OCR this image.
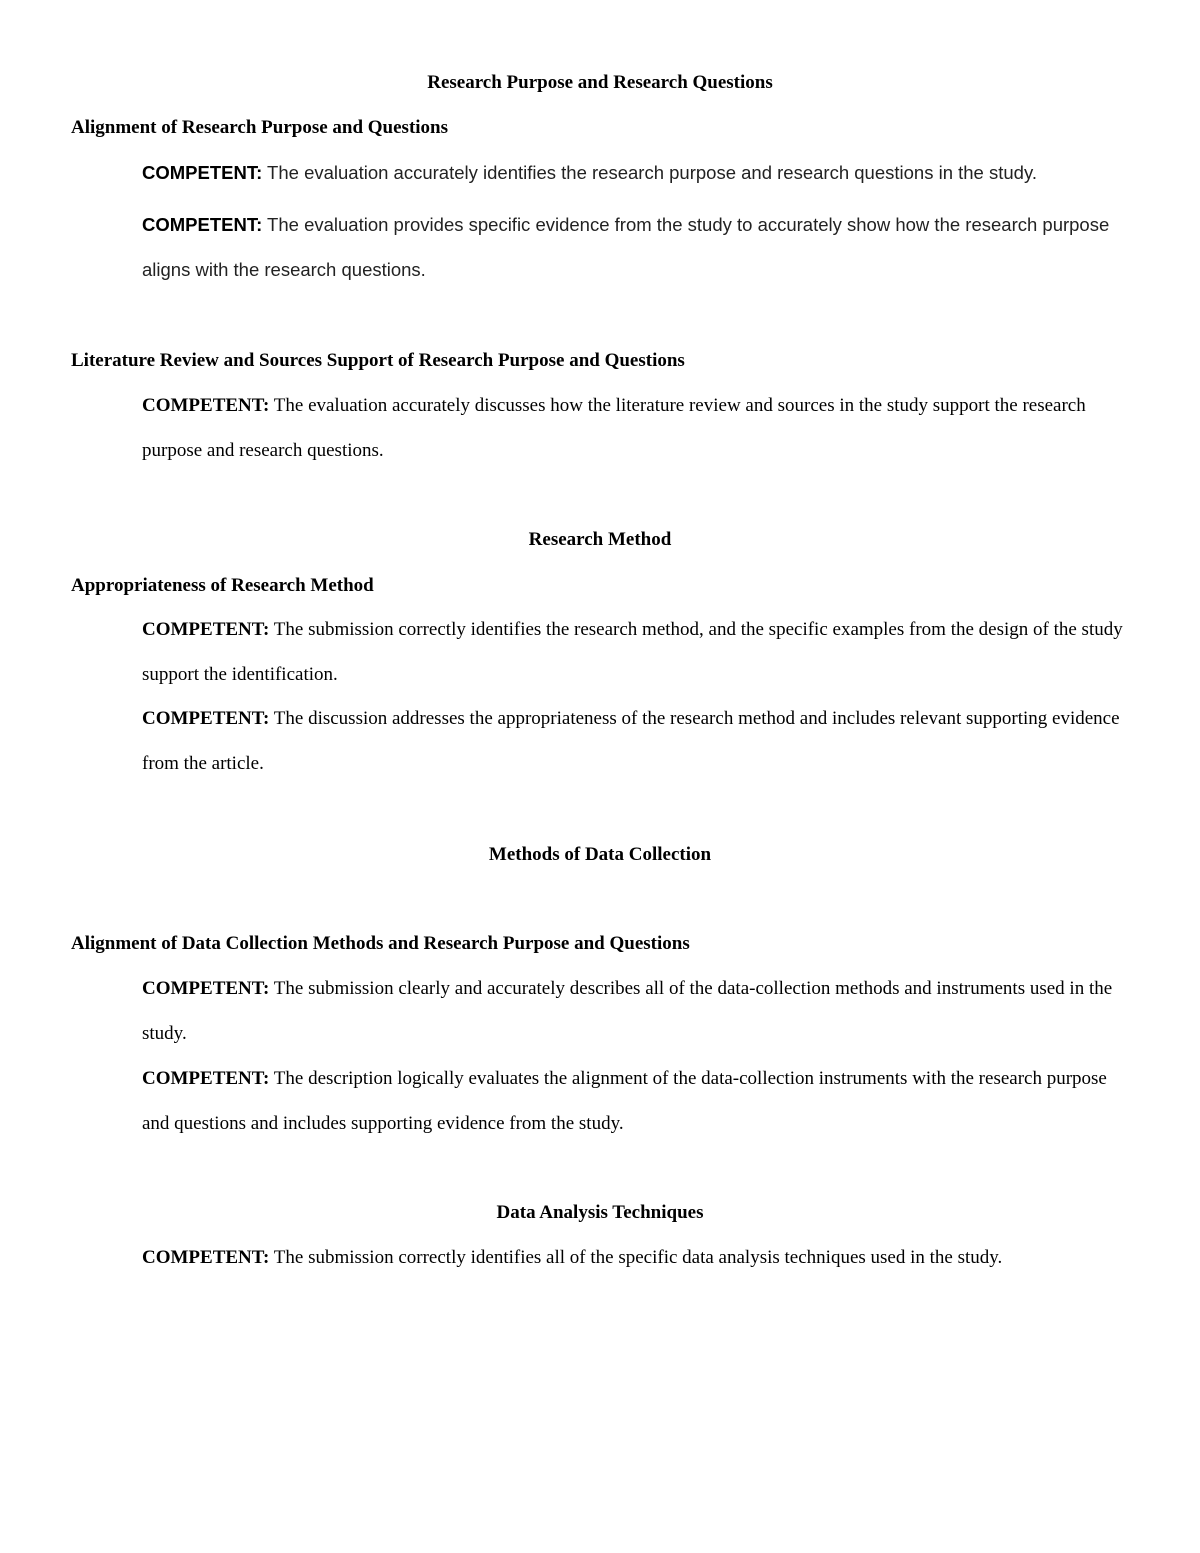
Research Purpose and Research Questions
Alignment of Research Purpose and Questions

COMPETENT: The evaluation accurately identifies the research purpose and research questions in the study.

COMPETENT: The evaluation provides specific evidence from the study to accurately show how the research purpose aligns with the research questions.

Literature Review and Sources Support of Research Purpose and Questions

COMPETENT: The evaluation accurately discusses how the literature review and sources in the study support the research purpose and research questions.

Research Method
Appropriateness of Research Method

COMPETENT: The submission correctly identifies the research method, and the specific examples from the design of the study support the identification.

COMPETENT: The discussion addresses the appropriateness of the research method and includes relevant supporting evidence from the article.

Methods of Data Collection
Alignment of Data Collection Methods and Research Purpose and Questions

COMPETENT: The submission clearly and accurately describes all of the data-collection methods and instruments used in the study.

COMPETENT: The description logically evaluates the alignment of the data-collection instruments with the research purpose and questions and includes supporting evidence from the study.

Data Analysis Techniques

COMPETENT: The submission correctly identifies all of the specific data analysis techniques used in the study.
